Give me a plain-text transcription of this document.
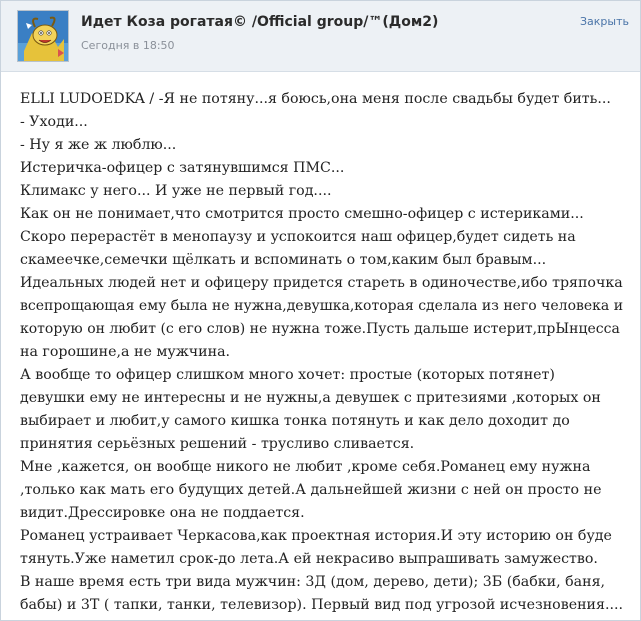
Идет Коза рогатая© /Official group/™(Дом2)
Сегодня в 18:50
Закрыть
ELLI LUDOEDKA / -Я не потяну...я боюсь,она меня после свадьбы будет бить...
- Уходи...
- Ну я же ж люблю...
Истеричка-офицер с затянувшимся ПМС...
Климакс у него... И уже не первый год....
Как он не понимает,что смотрится просто смешно-офицер с истериками...
Скоро перерастёт в менопаузу и успокоится наш офицер,будет сидеть на
скамеечке,семечки щёлкать и вспоминать о том,каким был бравым...
Идеальных людей нет и офицеру придется стареть в одиночестве,ибо тряпочка
всепрощающая ему была не нужна,девушка,которая сделала из него человека и
которую он любит (с его слов) не нужна тоже.Пусть дальше истерит,прЫнцесса
на горошине,а не мужчина.
А вообще то офицер слишком много хочет: простые (которых потянет)
девушки ему не интересны и не нужны,а девушек с притезиями ,которых он
выбирает и любит,у самого кишка тонка потянуть и как дело доходит до
принятия серьёзных решений - трусливо сливается.
Мне ,кажется, он вообще никого не любит ,кроме себя.Романец ему нужна
,только как мать его будущих детей.А дальнейшей жизни с ней он просто не
видит.Дрессировке она не поддается.
Романец устраивает Черкасова,как проектная история.И эту историю он буде
тянуть.Уже наметил срок-до лета.А ей некрасиво выпрашивать замужество.
В наше время есть три вида мужчин: 3Д (дом, дерево, дети); 3Б (бабки, баня,
бабы) и 3Т ( тапки, танки, телевизор). Первый вид под угрозой исчезновения....
